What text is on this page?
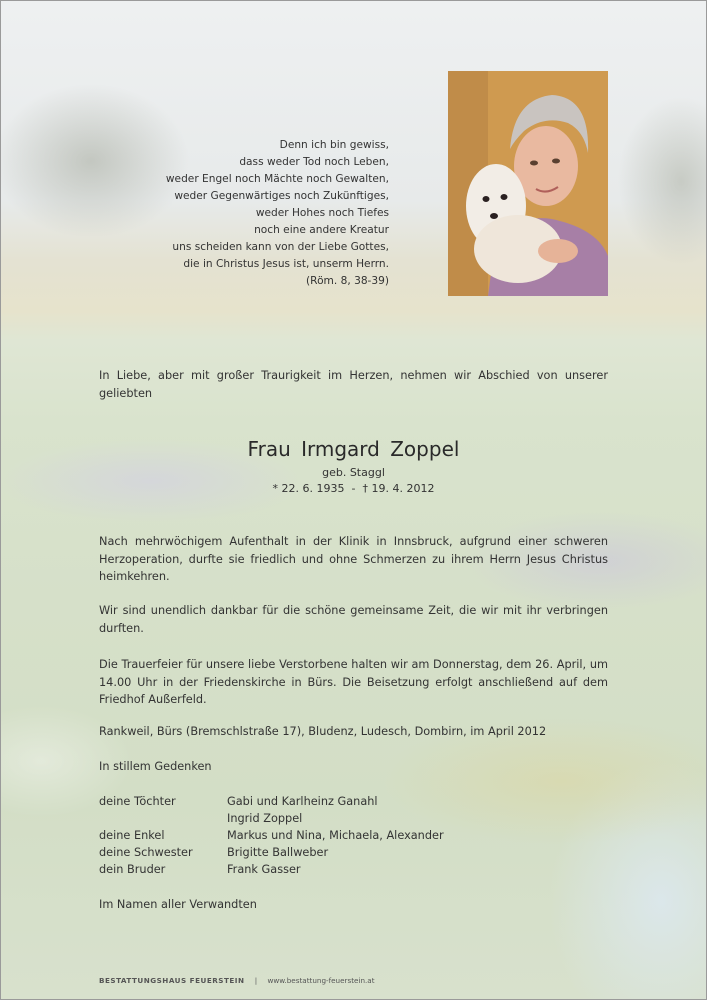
Denn ich bin gewiss,
dass weder Tod noch Leben,
weder Engel noch Mächte noch Gewalten,
weder Gegenwärtiges noch Zukünftiges,
weder Hohes noch Tiefes
noch eine andere Kreatur
uns scheiden kann von der Liebe Gottes,
die in Christus Jesus ist, unserm Herrn.
(Röm. 8, 38-39)
In Liebe, aber mit großer Traurigkeit im Herzen, nehmen wir Abschied von unserer geliebten
Frau Irmgard Zoppel
geb. Staggl
* 22. 6. 1935  -  † 19. 4. 2012
Nach mehrwöchigem Aufenthalt in der Klinik in Innsbruck, aufgrund einer schweren Herzoperation, durfte sie friedlich und ohne Schmerzen zu ihrem Herrn Jesus Christus heimkehren.
Wir sind unendlich dankbar für die schöne gemeinsame Zeit, die wir mit ihr verbringen durften.
Die Trauerfeier für unsere liebe Verstorbene halten wir am Donnerstag, dem 26. April, um 14.00 Uhr in der Friedenskirche in Bürs. Die Beisetzung erfolgt anschließend auf dem Friedhof Außerfeld.
Rankweil, Bürs (Bremschlstraße 17), Bludenz, Ludesch, Dombirn, im April 2012
In stillem Gedenken
deine Töchter	Gabi und Karlheinz Ganahl
Ingrid Zoppel
deine Enkel	Markus und Nina, Michaela, Alexander
deine Schwester	Brigitte Ballweber
dein Bruder	Frank Gasser
Im Namen aller Verwandten
BESTATTUNGSHAUS FEUERSTEIN | www.bestattung-feuerstein.at
